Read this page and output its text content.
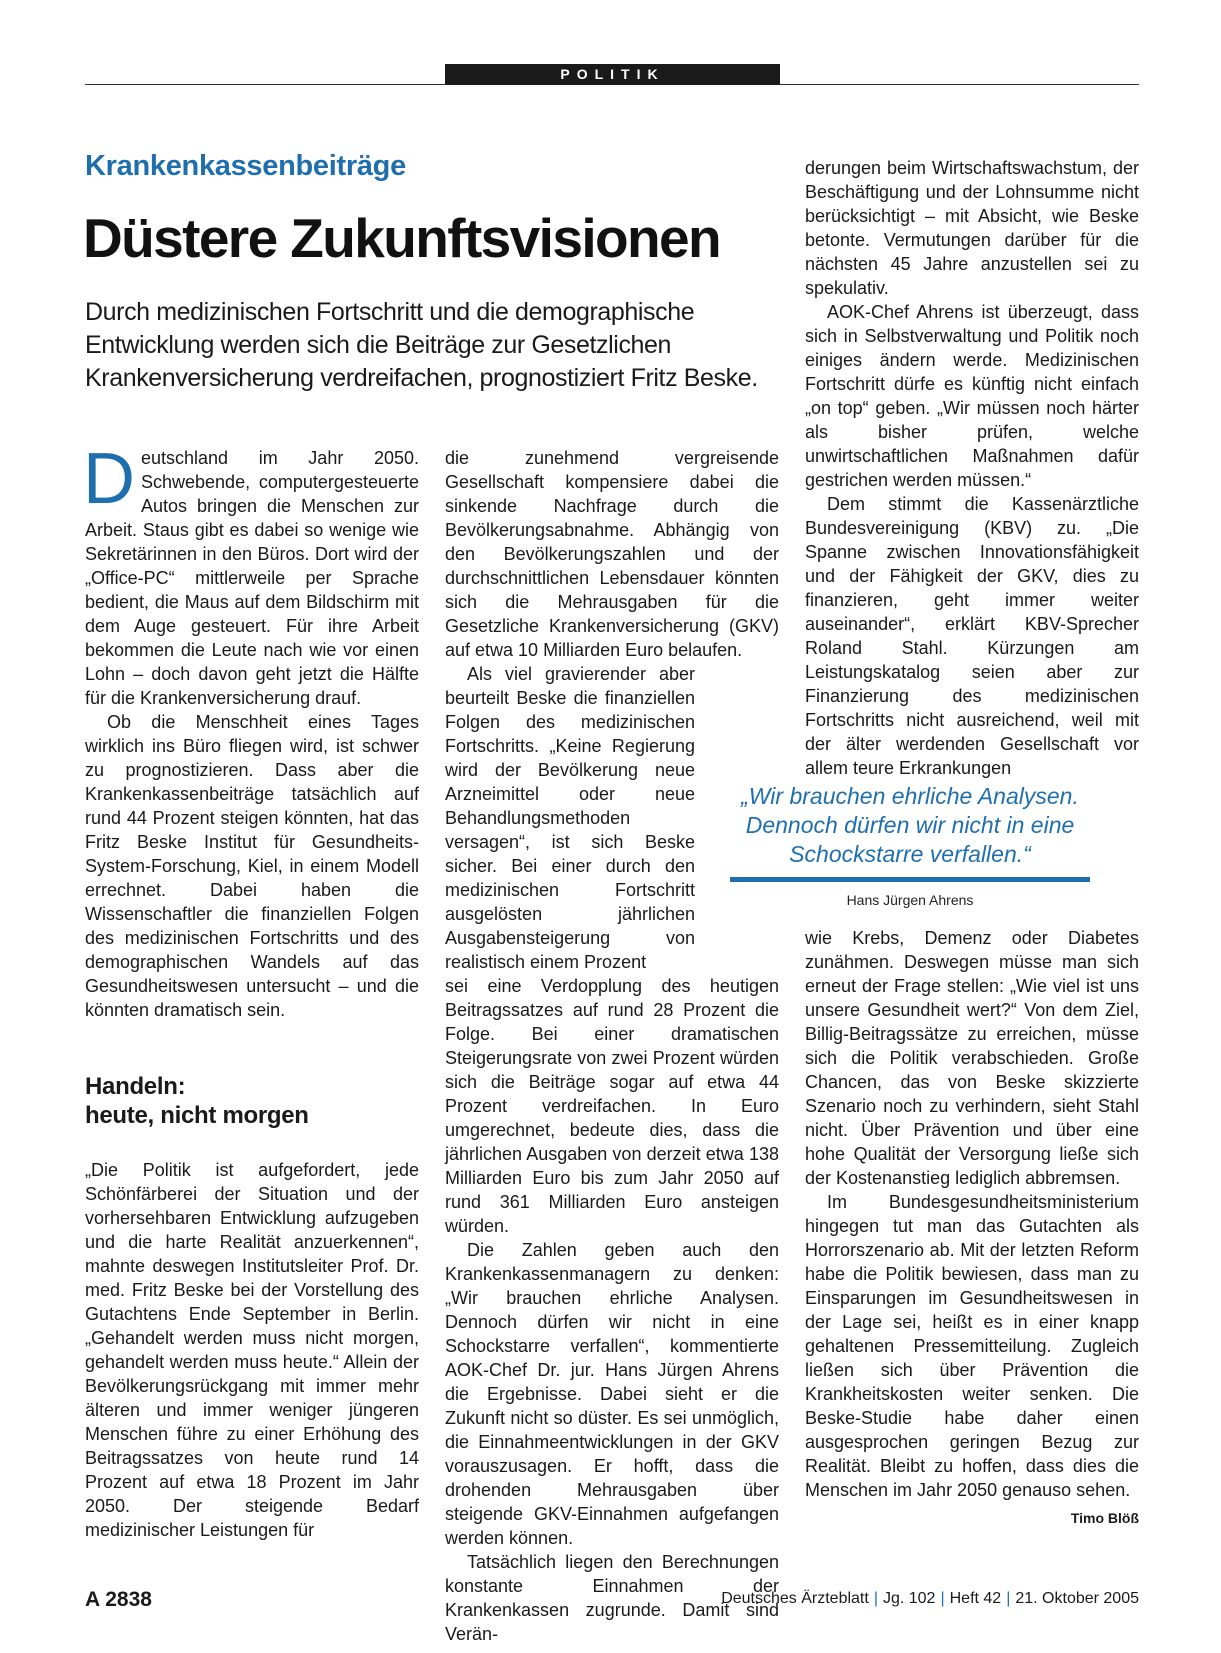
POLITIK
Krankenkassenbeiträge
Düstere Zukunftsvisionen
Durch medizinischen Fortschritt und die demographische Entwicklung werden sich die Beiträge zur Gesetzlichen Krankenversicherung verdreifachen, prognostiziert Fritz Beske.

Deutschland im Jahr 2050. Schwebende, computergesteuerte Autos bringen die Menschen zur Arbeit. Staus gibt es dabei so wenige wie Sekretärinnen in den Büros. Dort wird der „Office-PC“ mittlerweile per Sprache bedient, die Maus auf dem Bildschirm mit dem Auge gesteuert. Für ihre Arbeit bekommen die Leute nach wie vor einen Lohn – doch davon geht jetzt die Hälfte für die Krankenversicherung drauf.

Ob die Menschheit eines Tages wirklich ins Büro fliegen wird, ist schwer zu prognostizieren. Dass aber die Krankenkassenbeiträge tatsächlich auf rund 44 Prozent steigen könnten, hat das Fritz Beske Institut für Gesundheits-System-Forschung, Kiel, in einem Modell errechnet. Dabei haben die Wissenschaftler die finanziellen Folgen des medizinischen Fortschritts und des demographischen Wandels auf das Gesundheitswesen untersucht – und die könnten dramatisch sein.

Handeln:
heute, nicht morgen

„Die Politik ist aufgefordert, jede Schönfärberei der Situation und der vorhersehbaren Entwicklung aufzugeben und die harte Realität anzuerkennen“, mahnte deswegen Institutsleiter Prof. Dr. med. Fritz Beske bei der Vorstellung des Gutachtens Ende September in Berlin. „Gehandelt werden muss nicht morgen, gehandelt werden muss heute.“ Allein der Bevölkerungsrückgang mit immer mehr älteren und immer weniger jüngeren Menschen führe zu einer Erhöhung des Beitragssatzes von heute rund 14 Prozent auf etwa 18 Prozent im Jahr 2050. Der steigende Bedarf medizinischer Leistungen für

die zunehmend vergreisende Gesellschaft kompensiere dabei die sinkende Nachfrage durch die Bevölkerungsabnahme. Abhängig von den Bevölkerungszahlen und der durchschnittlichen Lebensdauer könnten sich die Mehrausgaben für die Gesetzliche Krankenversicherung (GKV) auf etwa 10 Milliarden Euro belaufen.

Als viel gravierender aber beurteilt Beske die finanziellen Folgen des medizinischen Fortschritts. „Keine Regierung wird der Bevölkerung neue Arzneimittel oder neue Behandlungsmethoden versagen“, ist sich Beske sicher. Bei einer durch den medizinischen Fortschritt ausgelösten jährlichen Ausgabensteigerung von realistisch einem Prozent

sei eine Verdopplung des heutigen Beitragssatzes auf rund 28 Prozent die Folge. Bei einer dramatischen Steigerungsrate von zwei Prozent würden sich die Beiträge sogar auf etwa 44 Prozent verdreifachen. In Euro umgerechnet, bedeute dies, dass die jährlichen Ausgaben von derzeit etwa 138 Milliarden Euro bis zum Jahr 2050 auf rund 361 Milliarden Euro ansteigen würden.

Die Zahlen geben auch den Krankenkassenmanagern zu denken: „Wir brauchen ehrliche Analysen. Dennoch dürfen wir nicht in eine Schockstarre verfallen“, kommentierte AOK-Chef Dr. jur. Hans Jürgen Ahrens die Ergebnisse. Dabei sieht er die Zukunft nicht so düster. Es sei unmöglich, die Einnahmeentwicklungen in der GKV vorauszusagen. Er hofft, dass die drohenden Mehrausgaben über steigende GKV-Einnahmen aufgefangen werden können.

Tatsächlich liegen den Berechnungen konstante Einnahmen der Krankenkassen zugrunde. Damit sind Verän-

derungen beim Wirtschaftswachstum, der Beschäftigung und der Lohnsumme nicht berücksichtigt – mit Absicht, wie Beske betonte. Vermutungen darüber für die nächsten 45 Jahre anzustellen sei zu spekulativ.

AOK-Chef Ahrens ist überzeugt, dass sich in Selbstverwaltung und Politik noch einiges ändern werde. Medizinischen Fortschritt dürfe es künftig nicht einfach „on top“ geben. „Wir müssen noch härter als bisher prüfen, welche unwirtschaftlichen Maßnahmen dafür gestrichen werden müssen.“

Dem stimmt die Kassenärztliche Bundesvereinigung (KBV) zu. „Die Spanne zwischen Innovationsfähigkeit und der Fähigkeit der GKV, dies zu finanzieren, geht immer weiter auseinander“, erklärt KBV-Sprecher Roland Stahl. Kürzungen am Leistungskatalog seien aber zur Finanzierung des medizinischen Fortschritts nicht ausreichend, weil mit der älter werdenden Gesellschaft vor allem teure Erkrankungen

„Wir brauchen ehrliche Analysen. Dennoch dürfen wir nicht in eine Schockstarre verfallen.“
Hans Jürgen Ahrens

wie Krebs, Demenz oder Diabetes zunähmen. Deswegen müsse man sich erneut der Frage stellen: „Wie viel ist uns unsere Gesundheit wert?“ Von dem Ziel, Billig-Beitragssätze zu erreichen, müsse sich die Politik verabschieden. Große Chancen, das von Beske skizzierte Szenario noch zu verhindern, sieht Stahl nicht. Über Prävention und über eine hohe Qualität der Versorgung ließe sich der Kostenanstieg lediglich abbremsen.

Im Bundesgesundheitsministerium hingegen tut man das Gutachten als Horrorszenario ab. Mit der letzten Reform habe die Politik bewiesen, dass man zu Einsparungen im Gesundheitswesen in der Lage sei, heißt es in einer knapp gehaltenen Pressemitteilung. Zugleich ließen sich über Prävention die Krankheitskosten weiter senken. Die Beske-Studie habe daher einen ausgesprochen geringen Bezug zur Realität. Bleibt zu hoffen, dass dies die Menschen im Jahr 2050 genauso sehen.
Timo Blöß

A 2838	Deutsches Ärzteblatt | Jg. 102 | Heft 42 | 21. Oktober 2005
